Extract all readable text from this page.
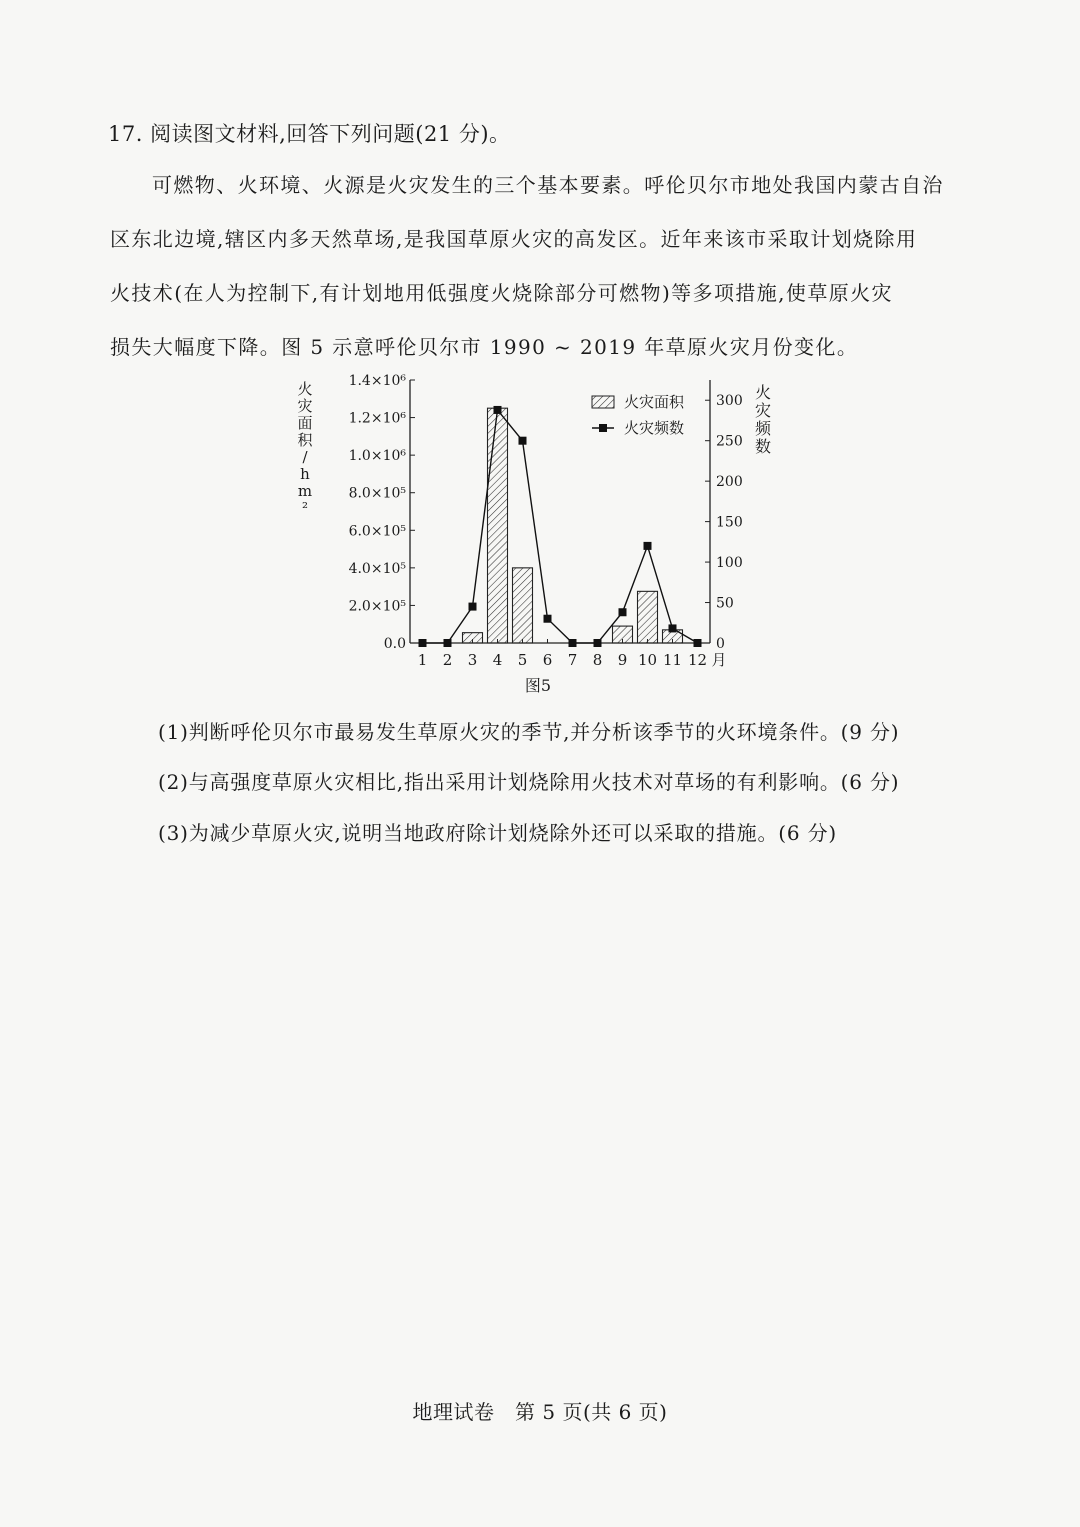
17. 阅读图文材料,回答下列问题(21 分)。
可燃物、火环境、火源是火灾发生的三个基本要素。呼伦贝尔市地处我国内蒙古自治
区东北边境,辖区内多天然草场,是我国草原火灾的高发区。近年来该市采取计划烧除用
火技术(在人为控制下,有计划地用低强度火烧除部分可燃物)等多项措施,使草原火灾
损失大幅度下降。图 5 示意呼伦贝尔市 1990 ~ 2019 年草原火灾月份变化。
0.0
2.0×10⁵
4.0×10⁵
6.0×10⁵
8.0×10⁵
1.0×10⁶
1.2×10⁶
1.4×10⁶
0
50
100
150
200
250
300
1 2 3 4 5 6 7 8 9 10 11 12 月
火
灾
面
积
/
h
m
²
火
灾
频
数
火灾面积
火灾频数
图5
(1)判断呼伦贝尔市最易发生草原火灾的季节,并分析该季节的火环境条件。(9 分)
(2)与高强度草原火灾相比,指出采用计划烧除用火技术对草场的有利影响。(6 分)
(3)为减少草原火灾,说明当地政府除计划烧除外还可以采取的措施。(6 分)
地理试卷　第 5 页(共 6 页)
